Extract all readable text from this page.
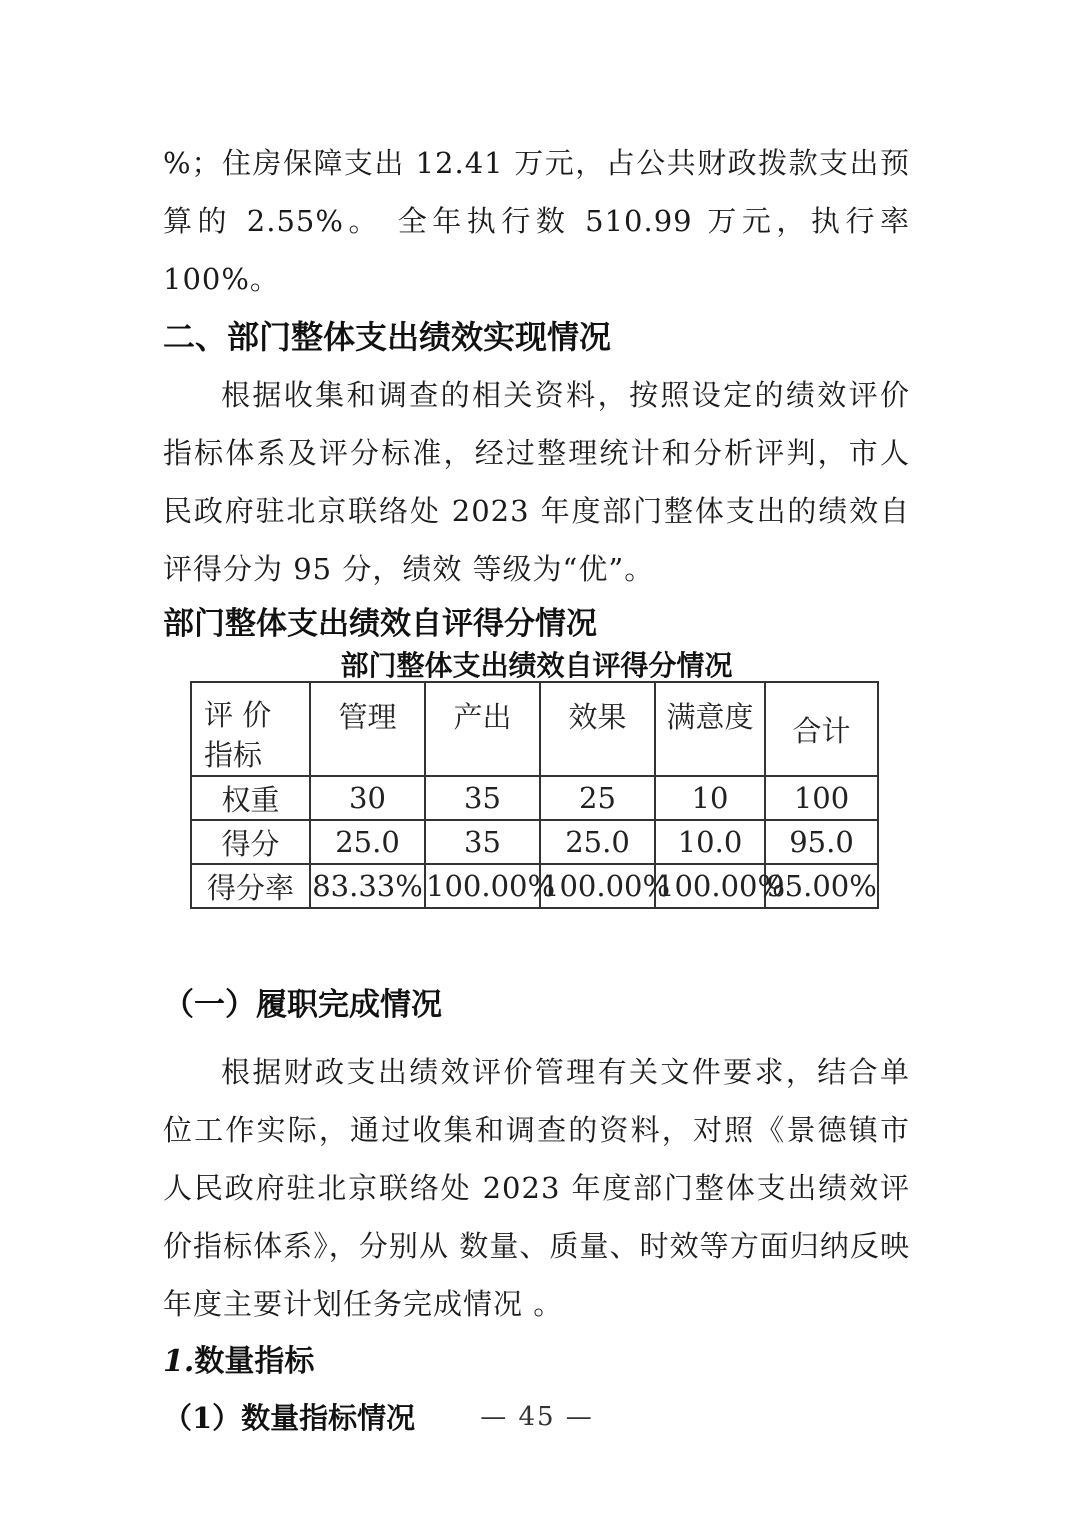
%；住房保障支出 12.41 万元，占公共财政拨款支出预算的 2.55%。 全年执行数 510.99 万元，执行率 100%。

二、部门整体支出绩效实现情况

根据收集和调查的相关资料，按照设定的绩效评价指标体系及评分标准，经过整理统计和分析评判，市人民政府驻北京联络处 2023 年度部门整体支出的绩效自评得分为 95 分，绩效 等级为“优”。

部门整体支出绩效自评得分情况

部门整体支出绩效自评得分情况

评 价 指标	管理	产出	效果	满意度	合计
权重	30	35	25	10	100
得分	25.0	35	25.0	10.0	95.0
得分率	83.33%	100.00%	100.00%	100.00%	95.00%

（一）履职完成情况

根据财政支出绩效评价管理有关文件要求，结合单位工作实际，通过收集和调查的资料，对照《景德镇市人民政府驻北京联络处 2023 年度部门整体支出绩效评价指标体系》，分别从 数量、质量、时效等方面归纳反映年度主要计划任务完成情况 。

1.数量指标

（1）数量指标情况	— 45 —
